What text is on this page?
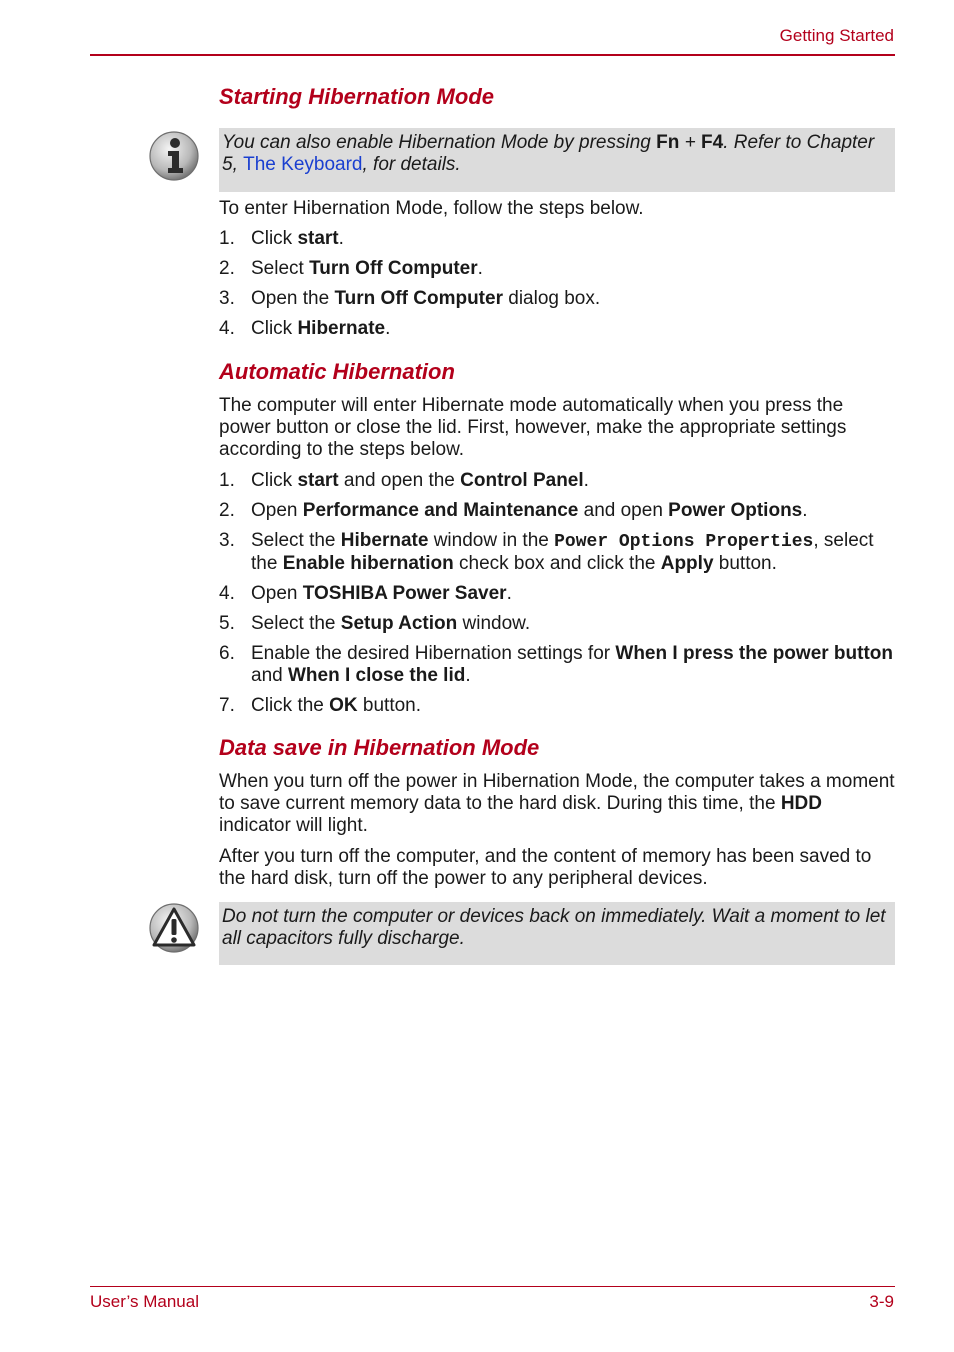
Getting Started
Starting Hibernation Mode
You can also enable Hibernation Mode by pressing Fn + F4. Refer to Chapter 5, The Keyboard, for details.

To enter Hibernation Mode, follow the steps below.

1. Click start.
2. Select Turn Off Computer.
3. Open the Turn Off Computer dialog box.
4. Click Hibernate.
Automatic Hibernation

The computer will enter Hibernate mode automatically when you press the power button or close the lid. First, however, make the appropriate settings according to the steps below.

1. Click start and open the Control Panel.
2. Open Performance and Maintenance and open Power Options.
3. Select the Hibernate window in the Power Options Properties, select the Enable hibernation check box and click the Apply button.
4. Open TOSHIBA Power Saver.
5. Select the Setup Action window.
6. Enable the desired Hibernation settings for When I press the power button and When I close the lid.
7. Click the OK button.
Data save in Hibernation Mode

When you turn off the power in Hibernation Mode, the computer takes a moment to save current memory data to the hard disk. During this time, the HDD indicator will light.

After you turn off the computer, and the content of memory has been saved to the hard disk, turn off the power to any peripheral devices.

Do not turn the computer or devices back on immediately. Wait a moment to let all capacitors fully discharge.
User’s Manual	3-9
